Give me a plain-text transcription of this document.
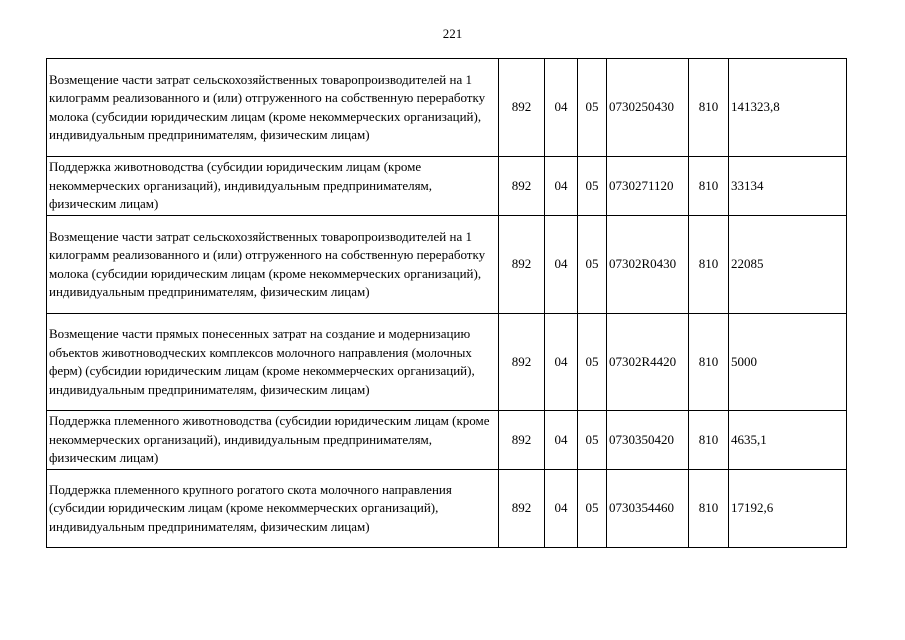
221
Возмещение части затрат сельскохозяйственных товаропроизводителей на 1 килограмм реализованного и (или) отгруженного на собственную переработку молока (субсидии юридическим лицам (кроме некоммерческих организаций), индивидуальным предпринимателям, физическим лицам)	892	04	05	0730250430	810	141323,8
Поддержка животноводства (субсидии юридическим лицам (кроме некоммерческих организаций), индивидуальным предпринимателям, физическим лицам)	892	04	05	0730271120	810	33134
Возмещение части затрат сельскохозяйственных товаропроизводителей на 1 килограмм реализованного и (или) отгруженного на собственную переработку молока (субсидии юридическим лицам (кроме некоммерческих организаций), индивидуальным предпринимателям, физическим лицам)	892	04	05	07302R0430	810	22085
Возмещение части прямых понесенных затрат на создание и модернизацию объектов животноводческих комплексов молочного направления (молочных ферм) (субсидии юридическим лицам (кроме некоммерческих организаций), индивидуальным предпринимателям, физическим лицам)	892	04	05	07302R4420	810	5000
Поддержка племенного животноводства (субсидии юридическим лицам (кроме некоммерческих организаций), индивидуальным предпринимателям, физическим лицам)	892	04	05	0730350420	810	4635,1
Поддержка племенного крупного рогатого скота молочного направления (субсидии юридическим лицам (кроме некоммерческих организаций), индивидуальным предпринимателям, физическим лицам)	892	04	05	0730354460	810	17192,6
